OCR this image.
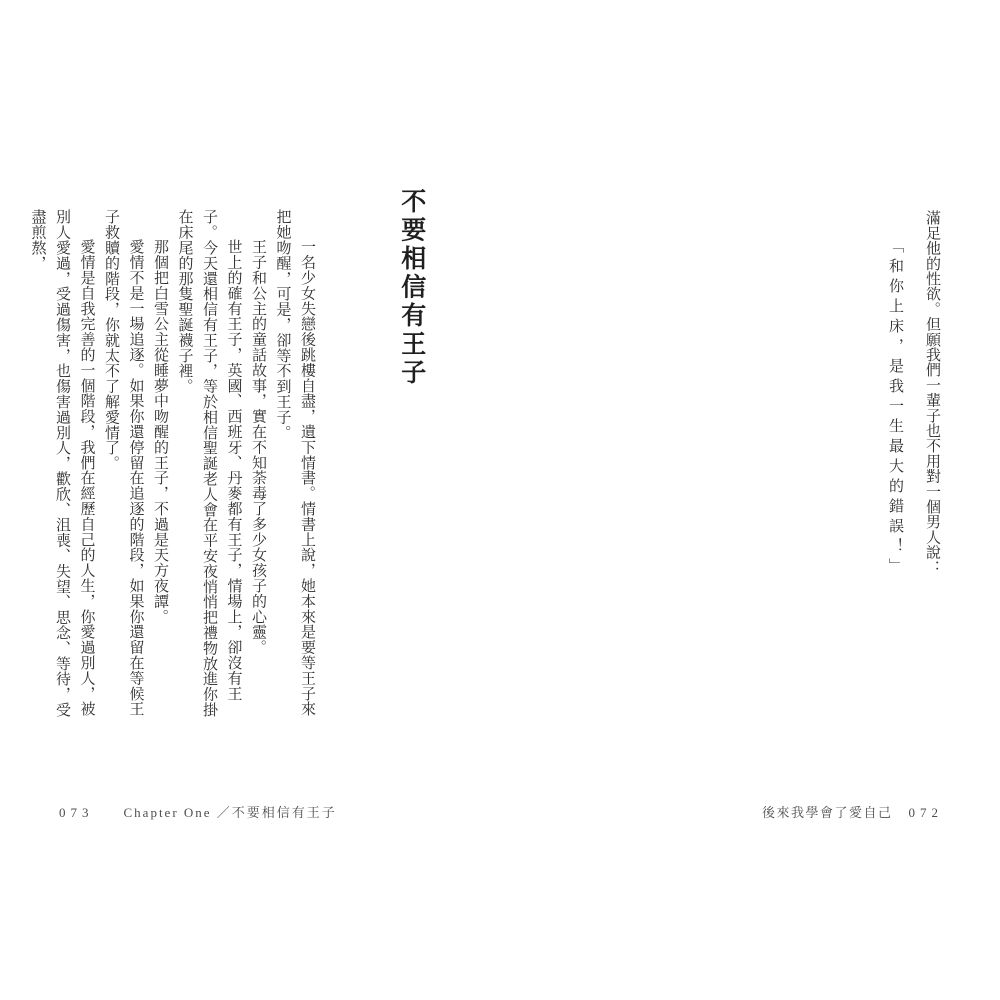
滿足他的性欲。但願我們一輩子也不用對一個男人說：

「和你上床，是我一生最大的錯誤！」

不要相信有王子

一名少女失戀後跳樓自盡，遺下情書。情書上說，她本來是要等王子來把她吻醒，可是，卻等不到王子。

王子和公主的童話故事，實在不知荼毒了多少女孩子的心靈。

世上的確有王子，英國、西班牙、丹麥都有王子，情場上，卻沒有王子。今天還相信有王子，等於相信聖誕老人會在平安夜悄悄把禮物放進你掛在床尾的那隻聖誕襪子裡。

那個把白雪公主從睡夢中吻醒的王子，不過是天方夜譚。

愛情不是一場追逐。如果你還停留在追逐的階段，如果你還留在等候王子救贖的階段，你就太不了解愛情了。

愛情是自我完善的一個階段，我們在經歷自己的人生，你愛過別人，被別人愛過，受過傷害，也傷害過別人，歡欣、沮喪、失望、思念、等待，受盡煎熬，

073 Chapter One ／不要相信有王子	後來我學會了愛自己 072
